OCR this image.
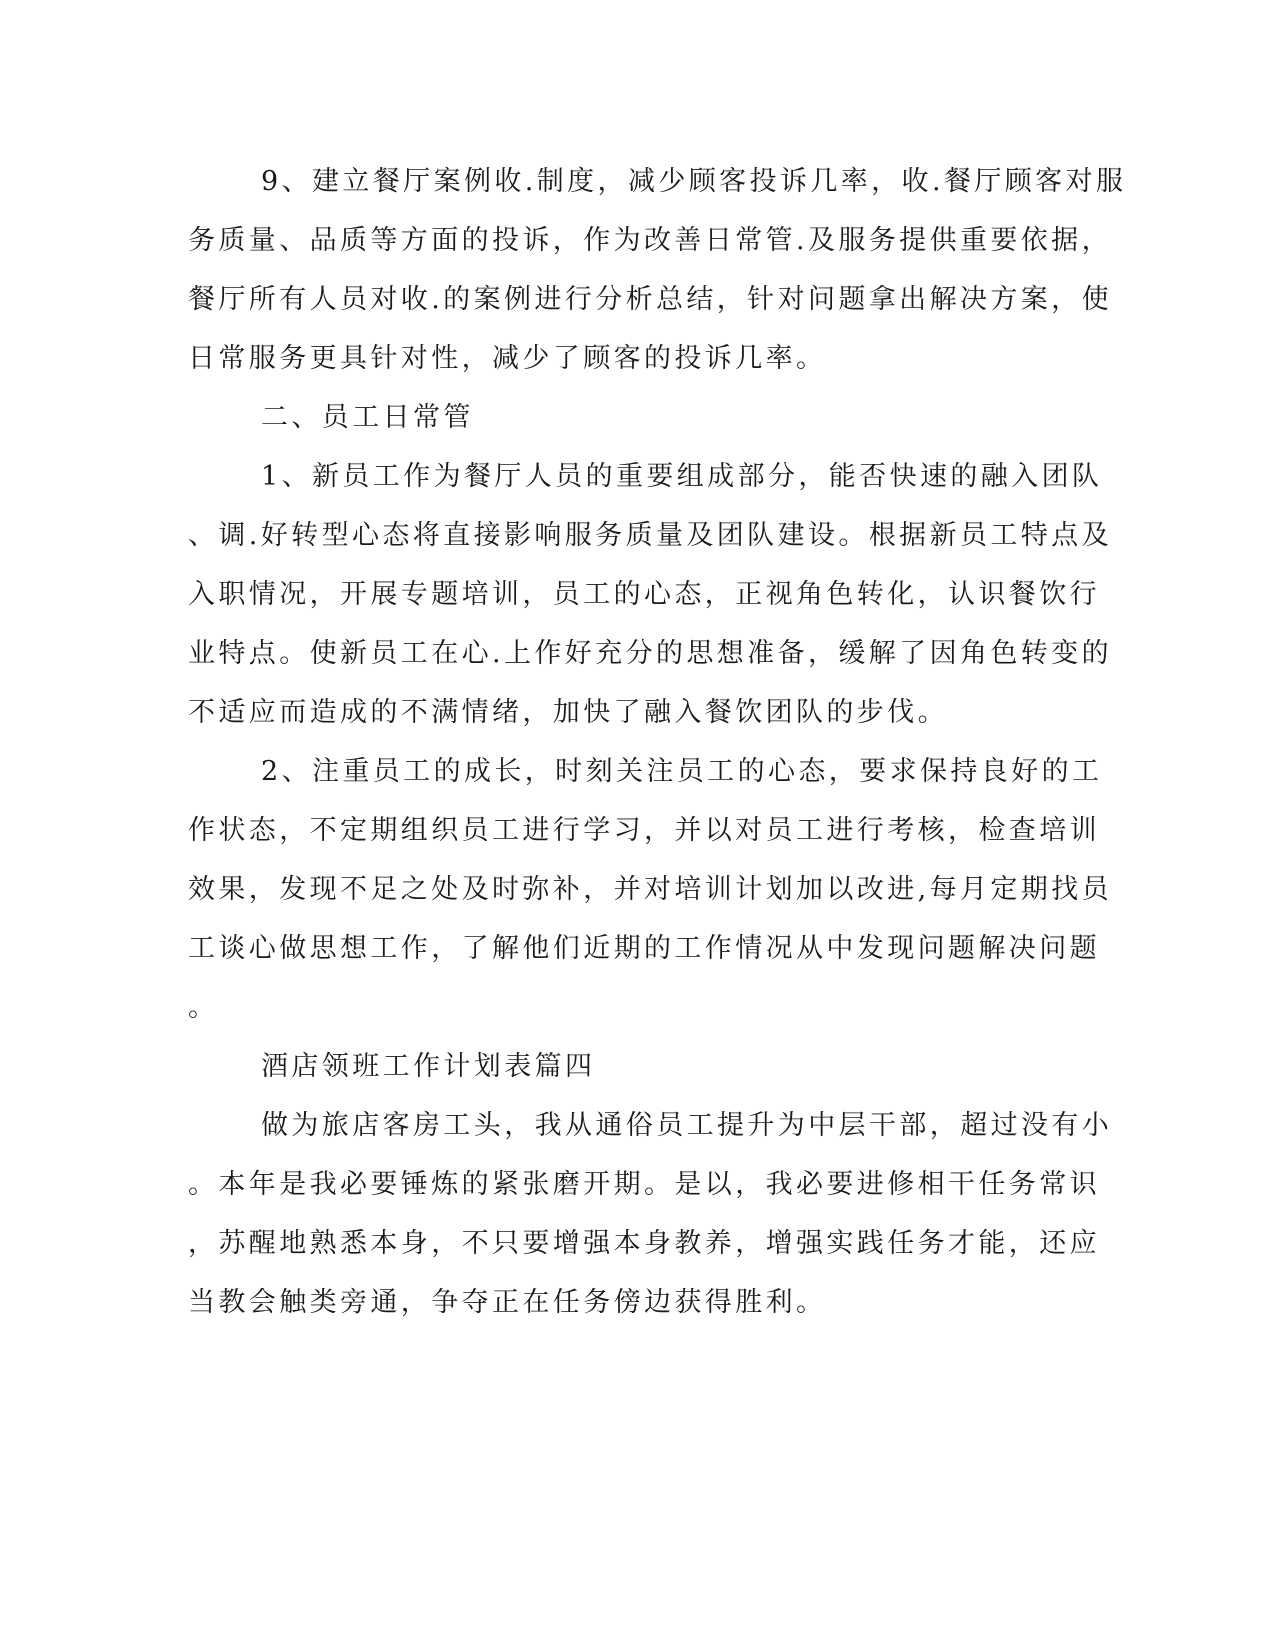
9、建立餐厅案例收.制度，减少顾客投诉几率，收.餐厅顾客对服

务质量、品质等方面的投诉，作为改善日常管.及服务提供重要依据，

餐厅所有人员对收.的案例进行分析总结，针对问题拿出解决方案，使

日常服务更具针对性，减少了顾客的投诉几率。

二、员工日常管

1、新员工作为餐厅人员的重要组成部分，能否快速的融入团队

、调.好转型心态将直接影响服务质量及团队建设。根据新员工特点及

入职情况，开展专题培训，员工的心态，正视角色转化，认识餐饮行

业特点。使新员工在心.上作好充分的思想准备，缓解了因角色转变的

不适应而造成的不满情绪，加快了融入餐饮团队的步伐。

2、注重员工的成长，时刻关注员工的心态，要求保持良好的工

作状态，不定期组织员工进行学习，并以对员工进行考核，检查培训

效果，发现不足之处及时弥补，并对培训计划加以改进,每月定期找员

工谈心做思想工作，了解他们近期的工作情况从中发现问题解决问题

。

酒店领班工作计划表篇四

做为旅店客房工头，我从通俗员工提升为中层干部，超过没有小

。本年是我必要锤炼的紧张磨开期。是以，我必要进修相干任务常识

，苏醒地熟悉本身，不只要增强本身教养，增强实践任务才能，还应

当教会触类旁通，争夺正在任务傍边获得胜利。
